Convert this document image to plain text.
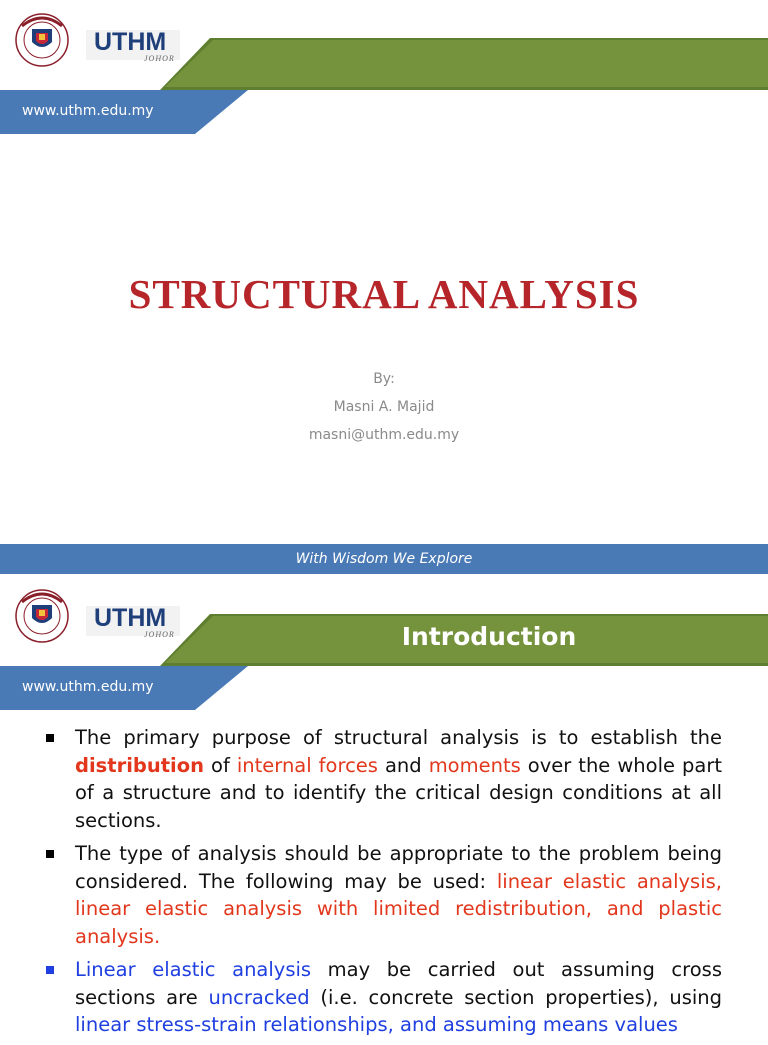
UTHM
JOHOR
www.uthm.edu.my
STRUCTURAL ANALYSIS
By:
Masni A. Majid
masni@uthm.edu.my
With Wisdom We Explore
UTHM
JOHOR	Introduction
www.uthm.edu.my
The primary purpose of structural analysis is to establish the distribution of internal forces and moments over the whole part of a structure and to identify the critical design conditions at all sections.
The type of analysis should be appropriate to the problem being considered. The following may be used: linear elastic analysis, linear elastic analysis with limited redistribution, and plastic analysis.
Linear elastic analysis may be carried out assuming cross sections are uncracked (i.e. concrete section properties), using linear stress-strain relationships, and assuming means values
